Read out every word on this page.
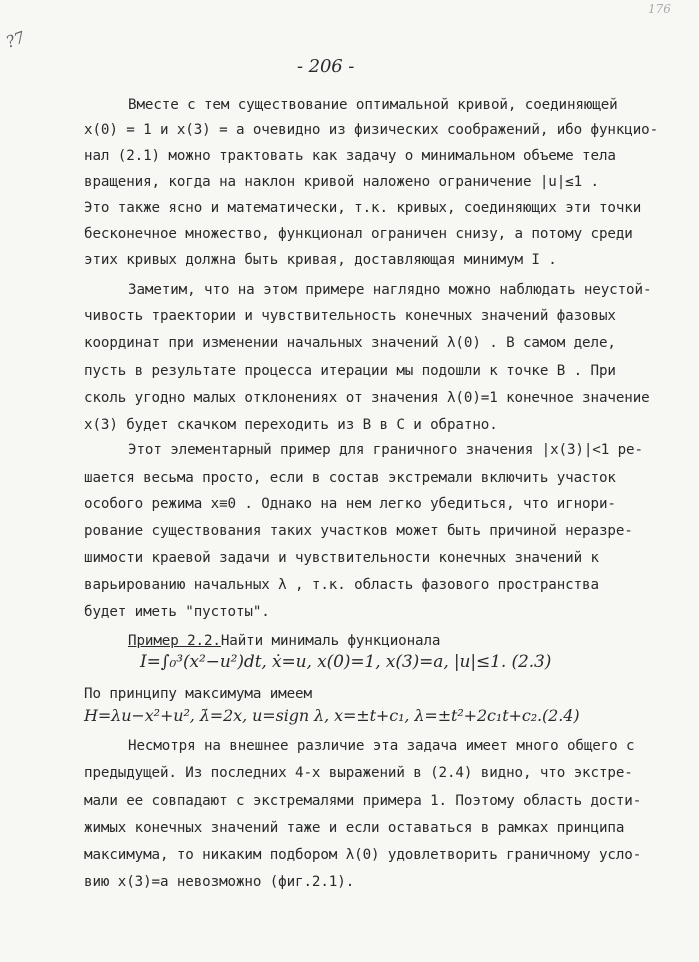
?7
176
- 206 -
Вместе с тем существование оптимальной кривой, соединяющей
x(0) = 1 и x(3) = a очевидно из физических соображений, ибо функцио-
нал (2.1) можно трактовать как задачу о минимальном объеме тела
вращения, когда на наклон кривой наложено ограничение |u|≤1 .
Это также ясно и математически, т.к. кривых, соединяющих эти точки
бесконечное множество, функционал ограничен снизу, а потому среди
этих кривых должна быть кривая, доставляющая минимум I .
Заметим, что на этом примере наглядно можно наблюдать неустой-
чивость траектории и чувствительность конечных значений фазовых
координат при изменении начальных значений λ(0) . В самом деле,
пусть в результате процесса итерации мы подошли к точке B . При
сколь угодно малых отклонениях от значения λ(0)=1 конечное значение
x(3) будет скачком переходить из B в C и обратно.
Этот элементарный пример для граничного значения |x(3)|<1 ре-
шается весьма просто, если в состав экстремали включить участок
особого режима x≡0 . Однако на нем легко убедиться, что игнори-
рование существования таких участков может быть причиной неразре-
шимости краевой задачи и чувствительности конечных значений к
варьированию начальных λ , т.к. область фазового пространства
будет иметь "пустоты".
Пример 2.2.Найти минималь функционала
I=∫₀³(x²−u²)dt, ẋ=u, x(0)=1, x(3)=a, |u|≤1. (2.3)
По принципу максимума имеем
H=λu−x²+u², λ̇=2x, u=sign λ, x=±t+c₁, λ=±t²+2c₁t+c₂.(2.4)
Несмотря на внешнее различие эта задача имеет много общего с
предыдущей. Из последних 4-х выражений в (2.4) видно, что экстре-
мали ее совпадают с экстремалями примера 1. Поэтому область дости-
жимых конечных значений таже и если оставаться в рамках принципа
максимума, то никаким подбором λ(0) удовлетворить граничному усло-
вию x(3)=a невозможно (фиг.2.1).
